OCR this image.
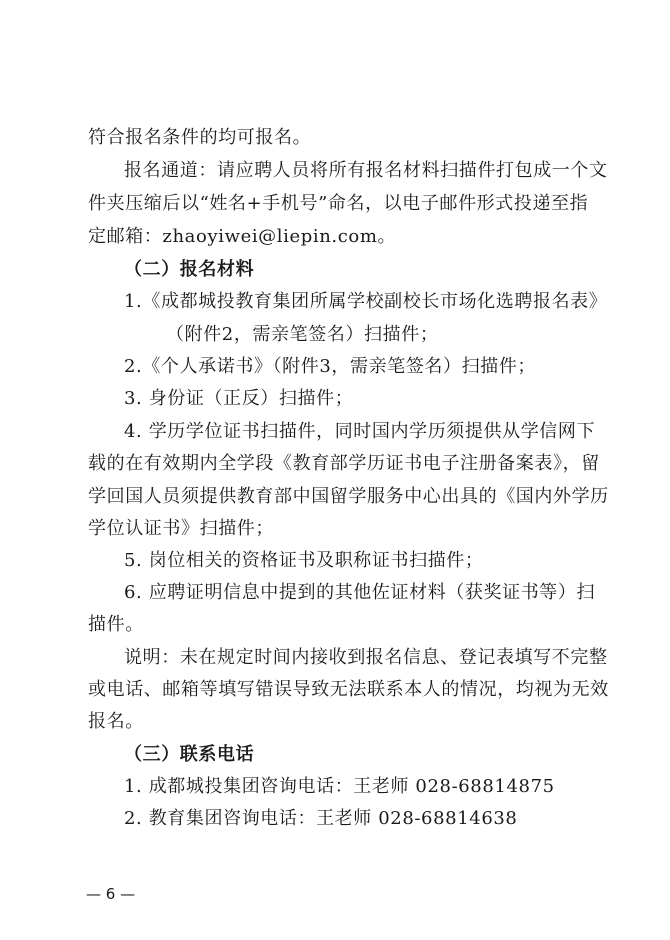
符合报名条件的均可报名。
报名通道：请应聘人员将所有报名材料扫描件打包成一个文
件夹压缩后以“姓名+手机号”命名，以电子邮件形式投递至指
定邮箱：zhaoyiwei@liepin.com。
（二）报名材料
1.《成都城投教育集团所属学校副校长市场化选聘报名表》
（附件2，需亲笔签名）扫描件；
2.《个人承诺书》（附件3，需亲笔签名）扫描件；
3. 身份证（正反）扫描件；
4. 学历学位证书扫描件，同时国内学历须提供从学信网下
载的在有效期内全学段《教育部学历证书电子注册备案表》，留
学回国人员须提供教育部中国留学服务中心出具的《国内外学历
学位认证书》扫描件；
5. 岗位相关的资格证书及职称证书扫描件；
6. 应聘证明信息中提到的其他佐证材料（获奖证书等）扫
描件。
说明：未在规定时间内接收到报名信息、登记表填写不完整
或电话、邮箱等填写错误导致无法联系本人的情况，均视为无效
报名。
（三）联系电话
1. 成都城投集团咨询电话：王老师 028-68814875
2. 教育集团咨询电话：王老师 028-68814638
— 6 —
